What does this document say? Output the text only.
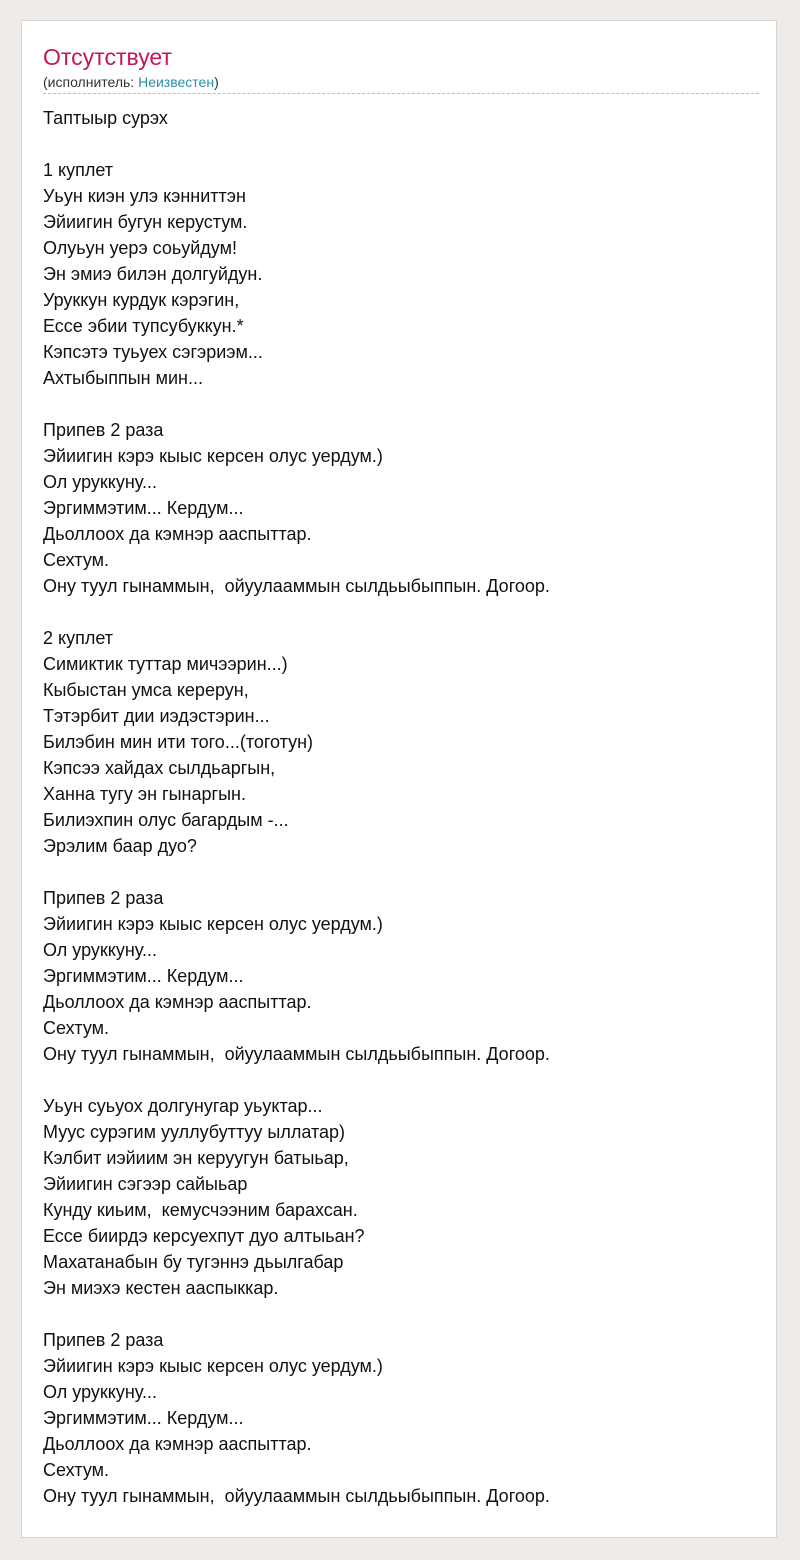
Отсутствует
(исполнитель: Неизвестен)
Таптыыр сурэх
1 куплет
Уьун киэн улэ кэнниттэн
Эйиигин бугун керустум.
Олуьун уерэ соьуйдум!
Эн эмиэ билэн долгуйдун.
Уруккун курдук кэрэгин,
Ессе эбии тупсубуккун.*
Кэпсэтэ туьуех сэгэриэм...
Ахтыбыппын мин...
Припев 2 раза
Эйиигин кэрэ кыыс керсен олус уердум.)
Ол уруккуну...
Эргиммэтим... Кердум...
Дьоллоох да кэмнэр ааспыттар.
Сехтум.
Ону туул гынаммын,  ойуулааммын сылдьыбыппын. Догоор.
2 куплет
Симиктик туттар мичээрин...)
Кыбыстан умса керерун,
Тэтэрбит дии иэдэстэрин...
Билэбин мин ити того...(тоготун)
Кэпсээ хайдах сылдьаргын,
Ханна тугу эн гынаргын.
Билиэхпин олус багардым -...
Эрэлим баар дуо?
Припев 2 раза
Эйиигин кэрэ кыыс керсен олус уердум.)
Ол уруккуну...
Эргиммэтим... Кердум...
Дьоллоох да кэмнэр ааспыттар.
Сехтум.
Ону туул гынаммын,  ойуулааммын сылдьыбыппын. Догоор.
Уьун суьуох долгунугар уьуктар...
Муус сурэгим ууллубуттуу ыллатар)
Кэлбит иэйиим эн керуугун батыьар,
Эйиигин сэгээр сайыьар
Кунду киьим,  кемусчээним барахсан.
Ессе биирдэ керсуехпут дуо алтыьан?
Махатанабын бу тугэннэ дьылгабар
Эн миэхэ кестен ааспыккар.
Припев 2 раза
Эйиигин кэрэ кыыс керсен олус уердум.)
Ол уруккуну...
Эргиммэтим... Кердум...
Дьоллоох да кэмнэр ааспыттар.
Сехтум.
Ону туул гынаммын,  ойуулааммын сылдьыбыппын. Догоор.
